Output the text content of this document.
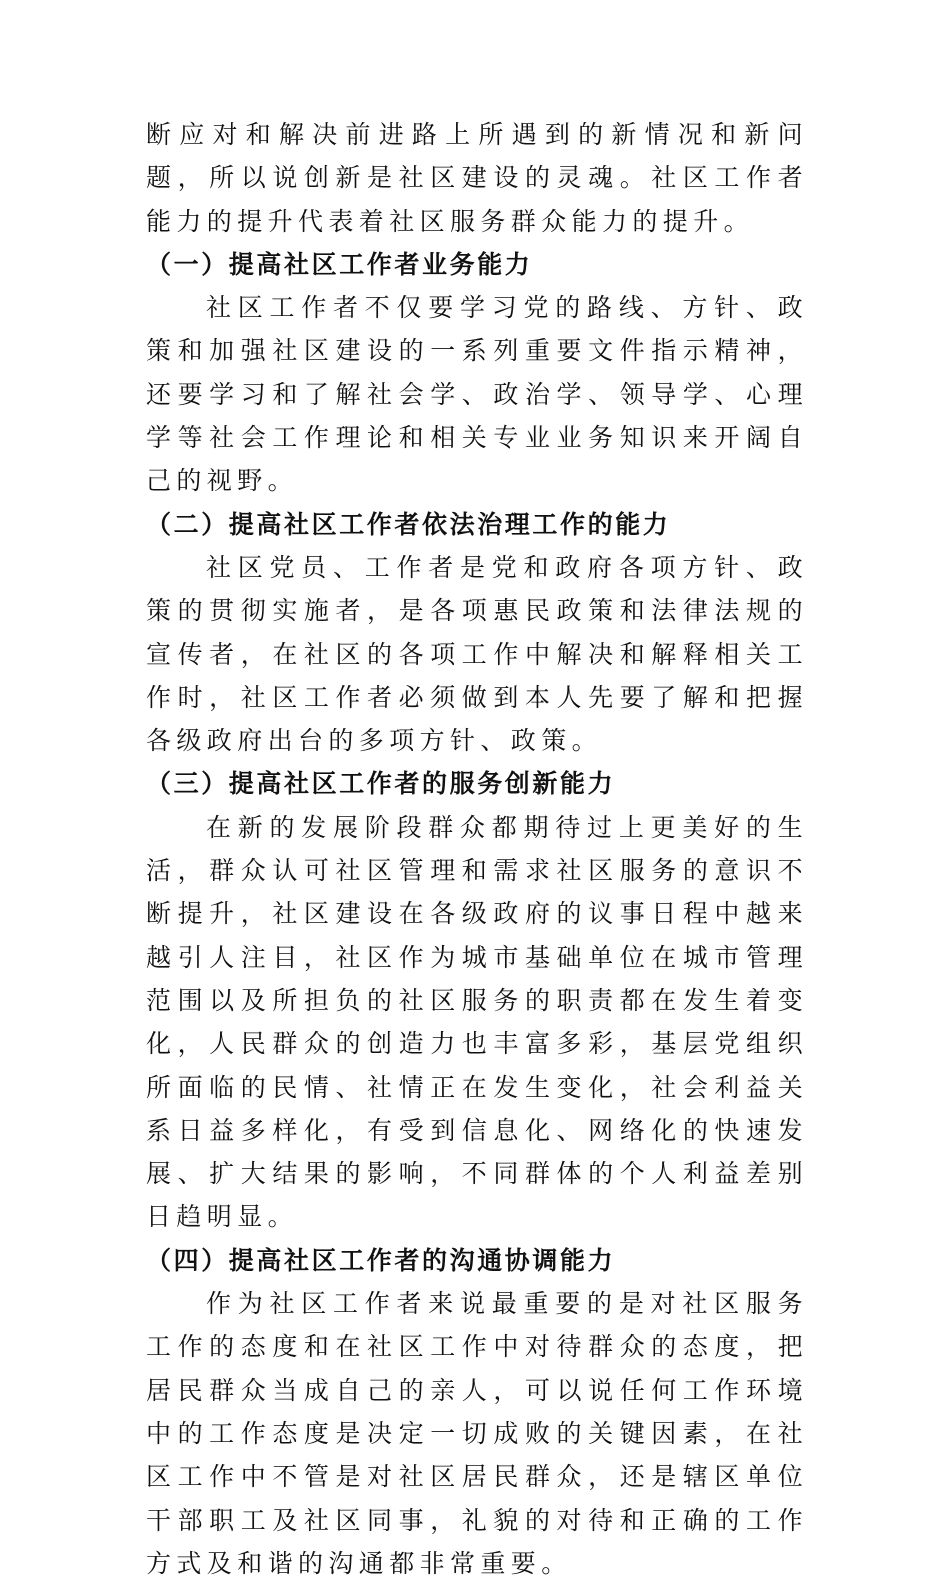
断应对和解决前进路上所遇到的新情况和新问题，所以说创新是社区建设的灵魂。社区工作者能力的提升代表着社区服务群众能力的提升。

（一）提高社区工作者业务能力

社区工作者不仅要学习党的路线、方针、政策和加强社区建设的一系列重要文件指示精神，还要学习和了解社会学、政治学、领导学、心理学等社会工作理论和相关专业业务知识来开阔自己的视野。

（二）提高社区工作者依法治理工作的能力

社区党员、工作者是党和政府各项方针、政策的贯彻实施者，是各项惠民政策和法律法规的宣传者，在社区的各项工作中解决和解释相关工作时，社区工作者必须做到本人先要了解和把握各级政府出台的多项方针、政策。

（三）提高社区工作者的服务创新能力

在新的发展阶段群众都期待过上更美好的生活，群众认可社区管理和需求社区服务的意识不断提升，社区建设在各级政府的议事日程中越来越引人注目，社区作为城市基础单位在城市管理范围以及所担负的社区服务的职责都在发生着变化，人民群众的创造力也丰富多彩，基层党组织所面临的民情、社情正在发生变化，社会利益关系日益多样化，有受到信息化、网络化的快速发展、扩大结果的影响，不同群体的个人利益差别日趋明显。

（四）提高社区工作者的沟通协调能力

作为社区工作者来说最重要的是对社区服务工作的态度和在社区工作中对待群众的态度，把居民群众当成自己的亲人，可以说任何工作环境中的工作态度是决定一切成败的关键因素，在社区工作中不管是对社区居民群众，还是辖区单位干部职工及社区同事，礼貌的对待和正确的工作方式及和谐的沟通都非常重要。
